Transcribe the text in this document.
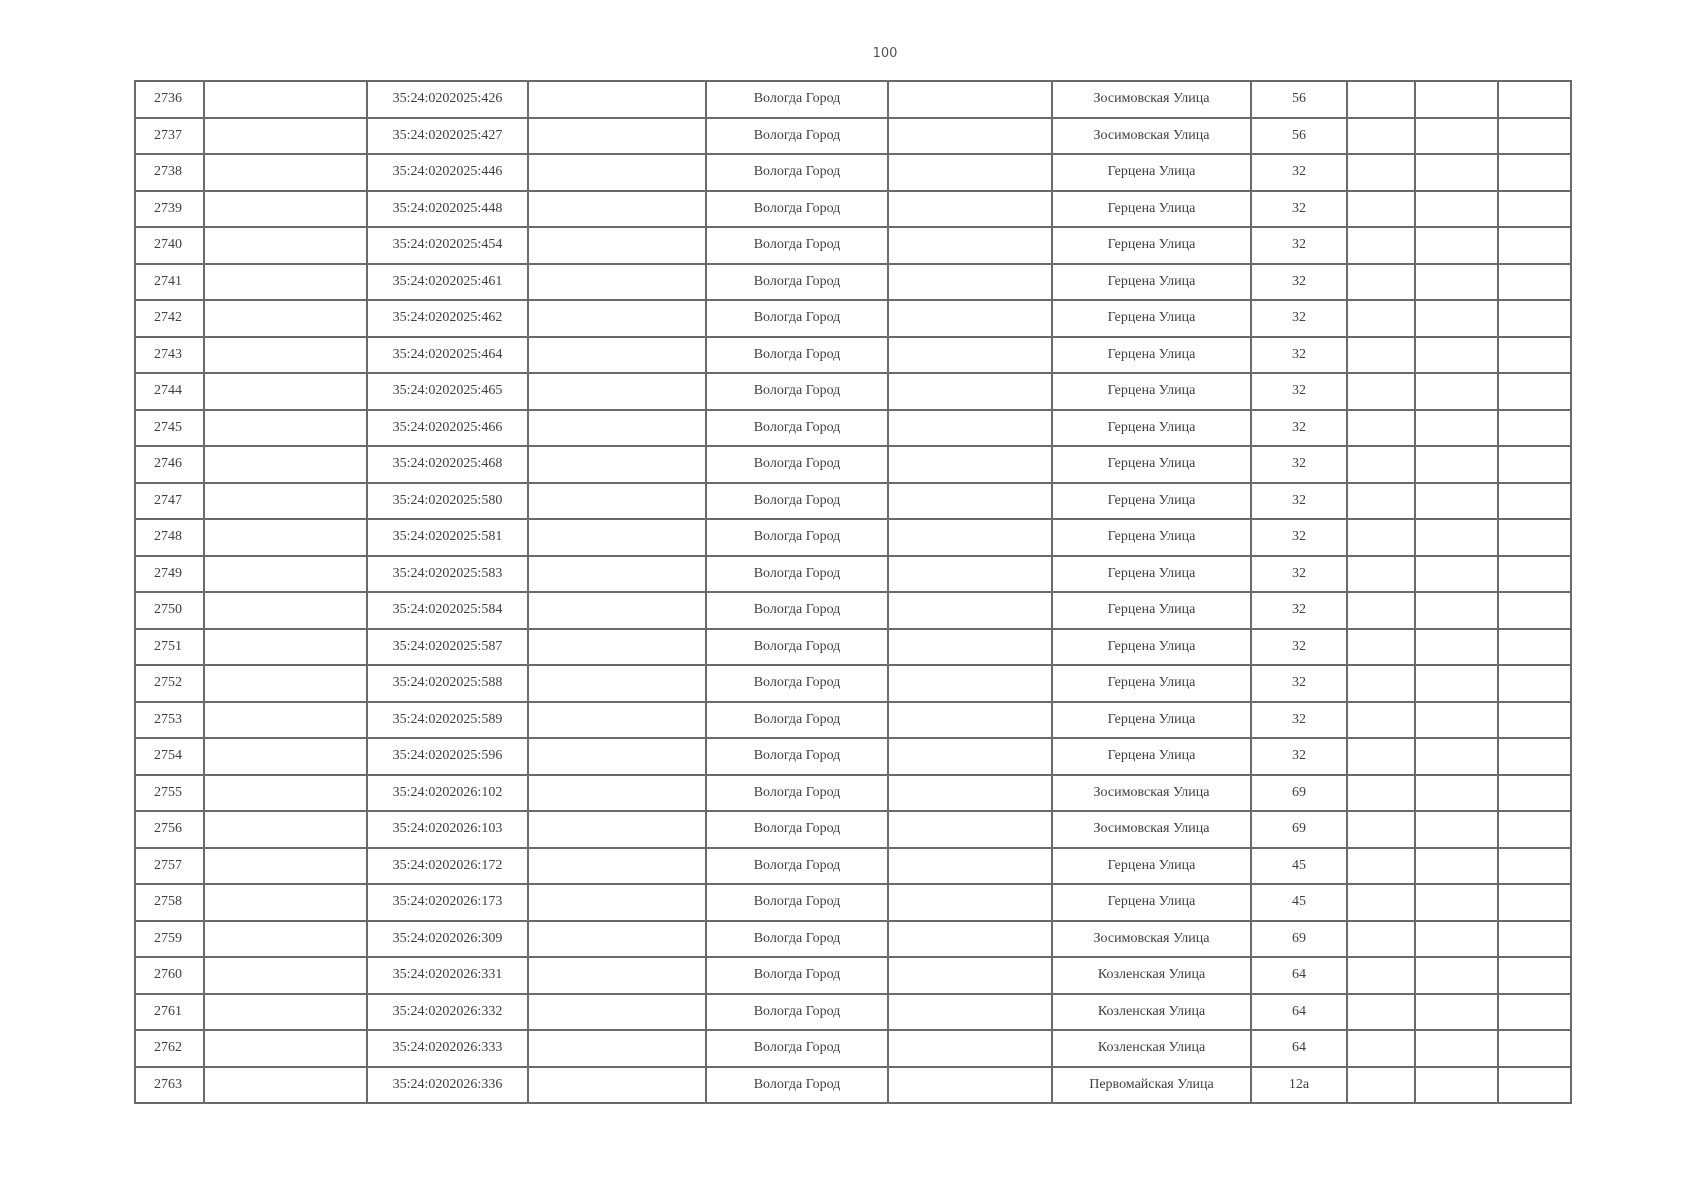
100
2736		35:24:0202025:426		Вологда Город		Зосимовская Улица	56			
2737		35:24:0202025:427		Вологда Город		Зосимовская Улица	56			
2738		35:24:0202025:446		Вологда Город		Герцена Улица	32			
2739		35:24:0202025:448		Вологда Город		Герцена Улица	32			
2740		35:24:0202025:454		Вологда Город		Герцена Улица	32			
2741		35:24:0202025:461		Вологда Город		Герцена Улица	32			
2742		35:24:0202025:462		Вологда Город		Герцена Улица	32			
2743		35:24:0202025:464		Вологда Город		Герцена Улица	32			
2744		35:24:0202025:465		Вологда Город		Герцена Улица	32			
2745		35:24:0202025:466		Вологда Город		Герцена Улица	32			
2746		35:24:0202025:468		Вологда Город		Герцена Улица	32			
2747		35:24:0202025:580		Вологда Город		Герцена Улица	32			
2748		35:24:0202025:581		Вологда Город		Герцена Улица	32			
2749		35:24:0202025:583		Вологда Город		Герцена Улица	32			
2750		35:24:0202025:584		Вологда Город		Герцена Улица	32			
2751		35:24:0202025:587		Вологда Город		Герцена Улица	32			
2752		35:24:0202025:588		Вологда Город		Герцена Улица	32			
2753		35:24:0202025:589		Вологда Город		Герцена Улица	32			
2754		35:24:0202025:596		Вологда Город		Герцена Улица	32			
2755		35:24:0202026:102		Вологда Город		Зосимовская Улица	69			
2756		35:24:0202026:103		Вологда Город		Зосимовская Улица	69			
2757		35:24:0202026:172		Вологда Город		Герцена Улица	45			
2758		35:24:0202026:173		Вологда Город		Герцена Улица	45			
2759		35:24:0202026:309		Вологда Город		Зосимовская Улица	69			
2760		35:24:0202026:331		Вологда Город		Козленская Улица	64			
2761		35:24:0202026:332		Вологда Город		Козленская Улица	64			
2762		35:24:0202026:333		Вологда Город		Козленская Улица	64			
2763		35:24:0202026:336		Вологда Город		Первомайская Улица	12а			
